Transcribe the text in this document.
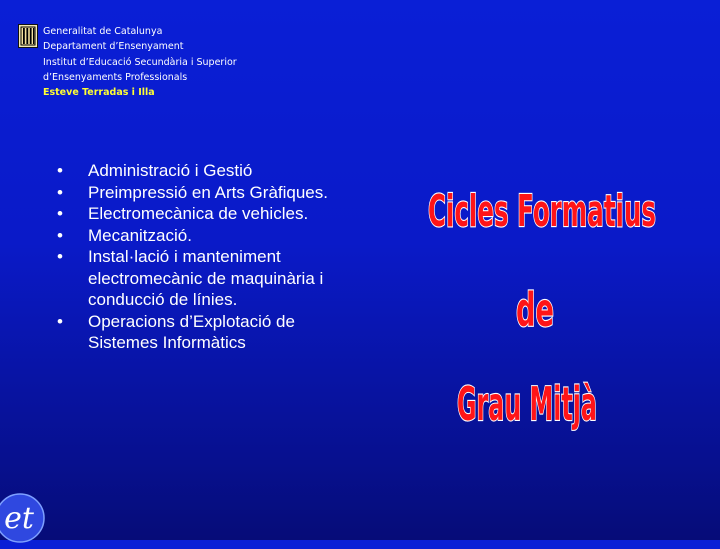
Generalitat de Catalunya
Departament d’Ensenyament
Institut d’Educació Secundària i Superior
d’Ensenyaments Professionals
Esteve Terradas i Illa
• Administració i Gestió
• Preimpressió en Arts Gràfiques.
• Electromecànica de vehicles.
• Mecanització.
• Instal·lació i manteniment electromecànic de maquinària i conducció de línies.
• Operacions d’Explotació de Sistemes Informàtics
Cicles Formatius
de
Grau Mitjà
et
